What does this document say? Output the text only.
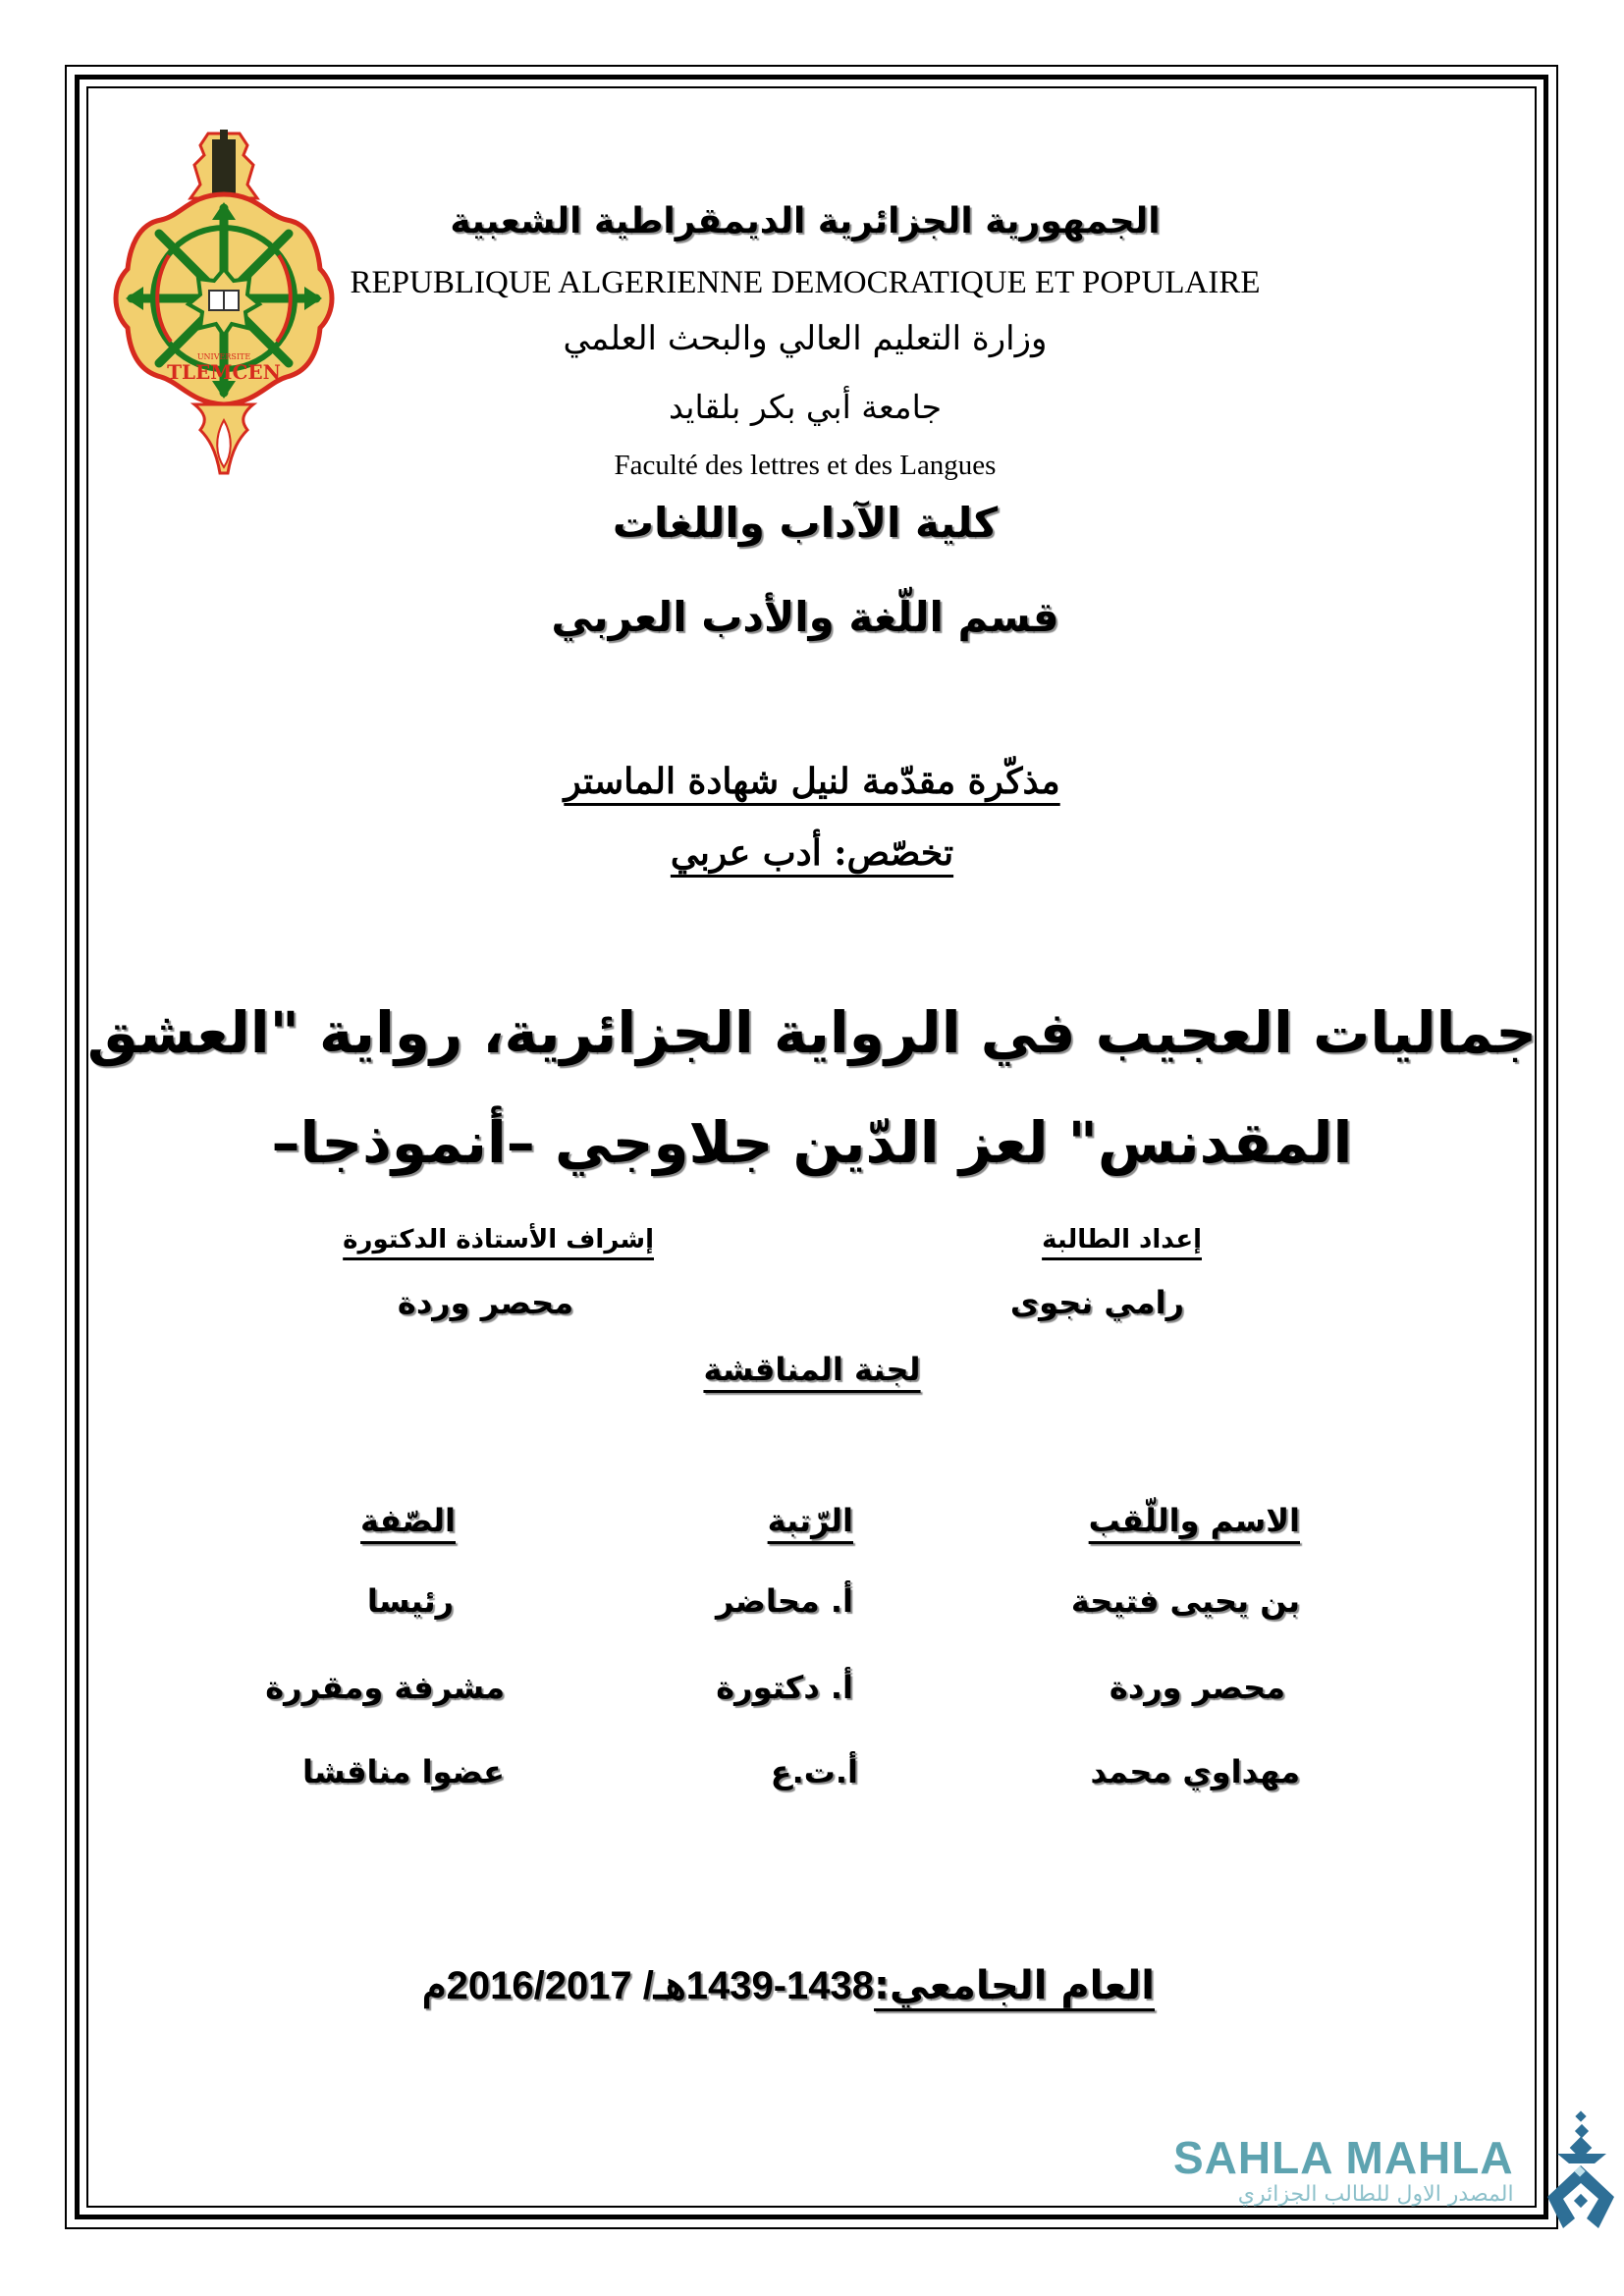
UNIVERSITE
TLEMCEN
الجمهورية الجزائرية الديمقراطية الشعبية
REPUBLIQUE ALGERIENNE DEMOCRATIQUE ET POPULAIRE
وزارة التعليم العالي والبحث العلمي
جامعة أبي بكر بلقايد
Faculté des lettres et des Langues
كلية الآداب واللغات
قسم اللّغة والأدب العربي
مذكّرة مقدّمة لنيل شهادة الماستر
تخصّص: أدب عربي
جماليات العجيب في الرواية الجزائرية، رواية "العشق
المقدنس" لعز الدّين جلاوجي –أنموذجا–
إعداد الطالبة
رامي نجوى
إشراف الأستاذة الدكتورة
محصر وردة
لجنة المناقشة
الاسم واللّقب
الرّتبة
الصّفة
بن يحيى فتيحة
أ. محاضر
رئيسا
محصر وردة
أ. دكتورة
مشرفة ومقررة
مهداوي محمد
أ.ت.ع
عضوا مناقشا
العام الجامعي:1438-1439هـ/ 2016/2017م
SAHLA MAHLA
المصدر الاول للطالب الجزائري
